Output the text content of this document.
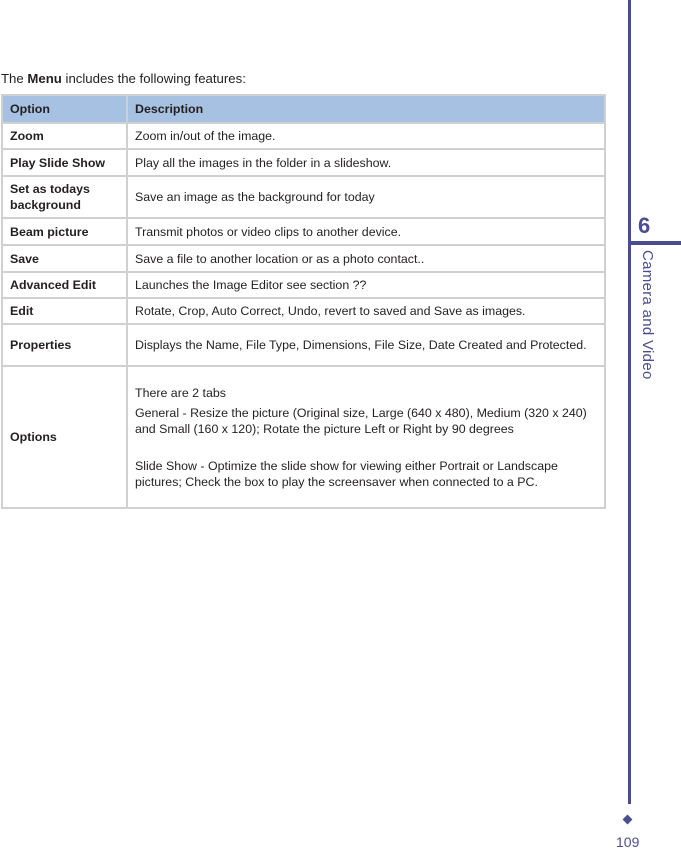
The Menu includes the following features:
Option	Description
Zoom	Zoom in/out of the image.
Play Slide Show	Play all the images in the folder in a slideshow.
Set as todays background	Save an image as the background for today
Beam picture	Transmit photos or video clips to another device.
Save	Save a file to another location or as a photo contact..
Advanced Edit	Launches the Image Editor see section ??
Edit	Rotate, Crop, Auto Correct, Undo, revert to saved and Save as images.
Properties	Displays the Name, File Type, Dimensions, File Size, Date Created and Protected.
Options	There are 2 tabs

General - Resize the picture (Original size, Large (640 x 480), Medium (320 x 240) and Small (160 x 120); Rotate the picture Left or Right by 90 degrees

Slide Show - Optimize the slide show for viewing either Portrait or Landscape pictures; Check the box to play the screensaver when connected to a PC.

6
Camera and Video
109
